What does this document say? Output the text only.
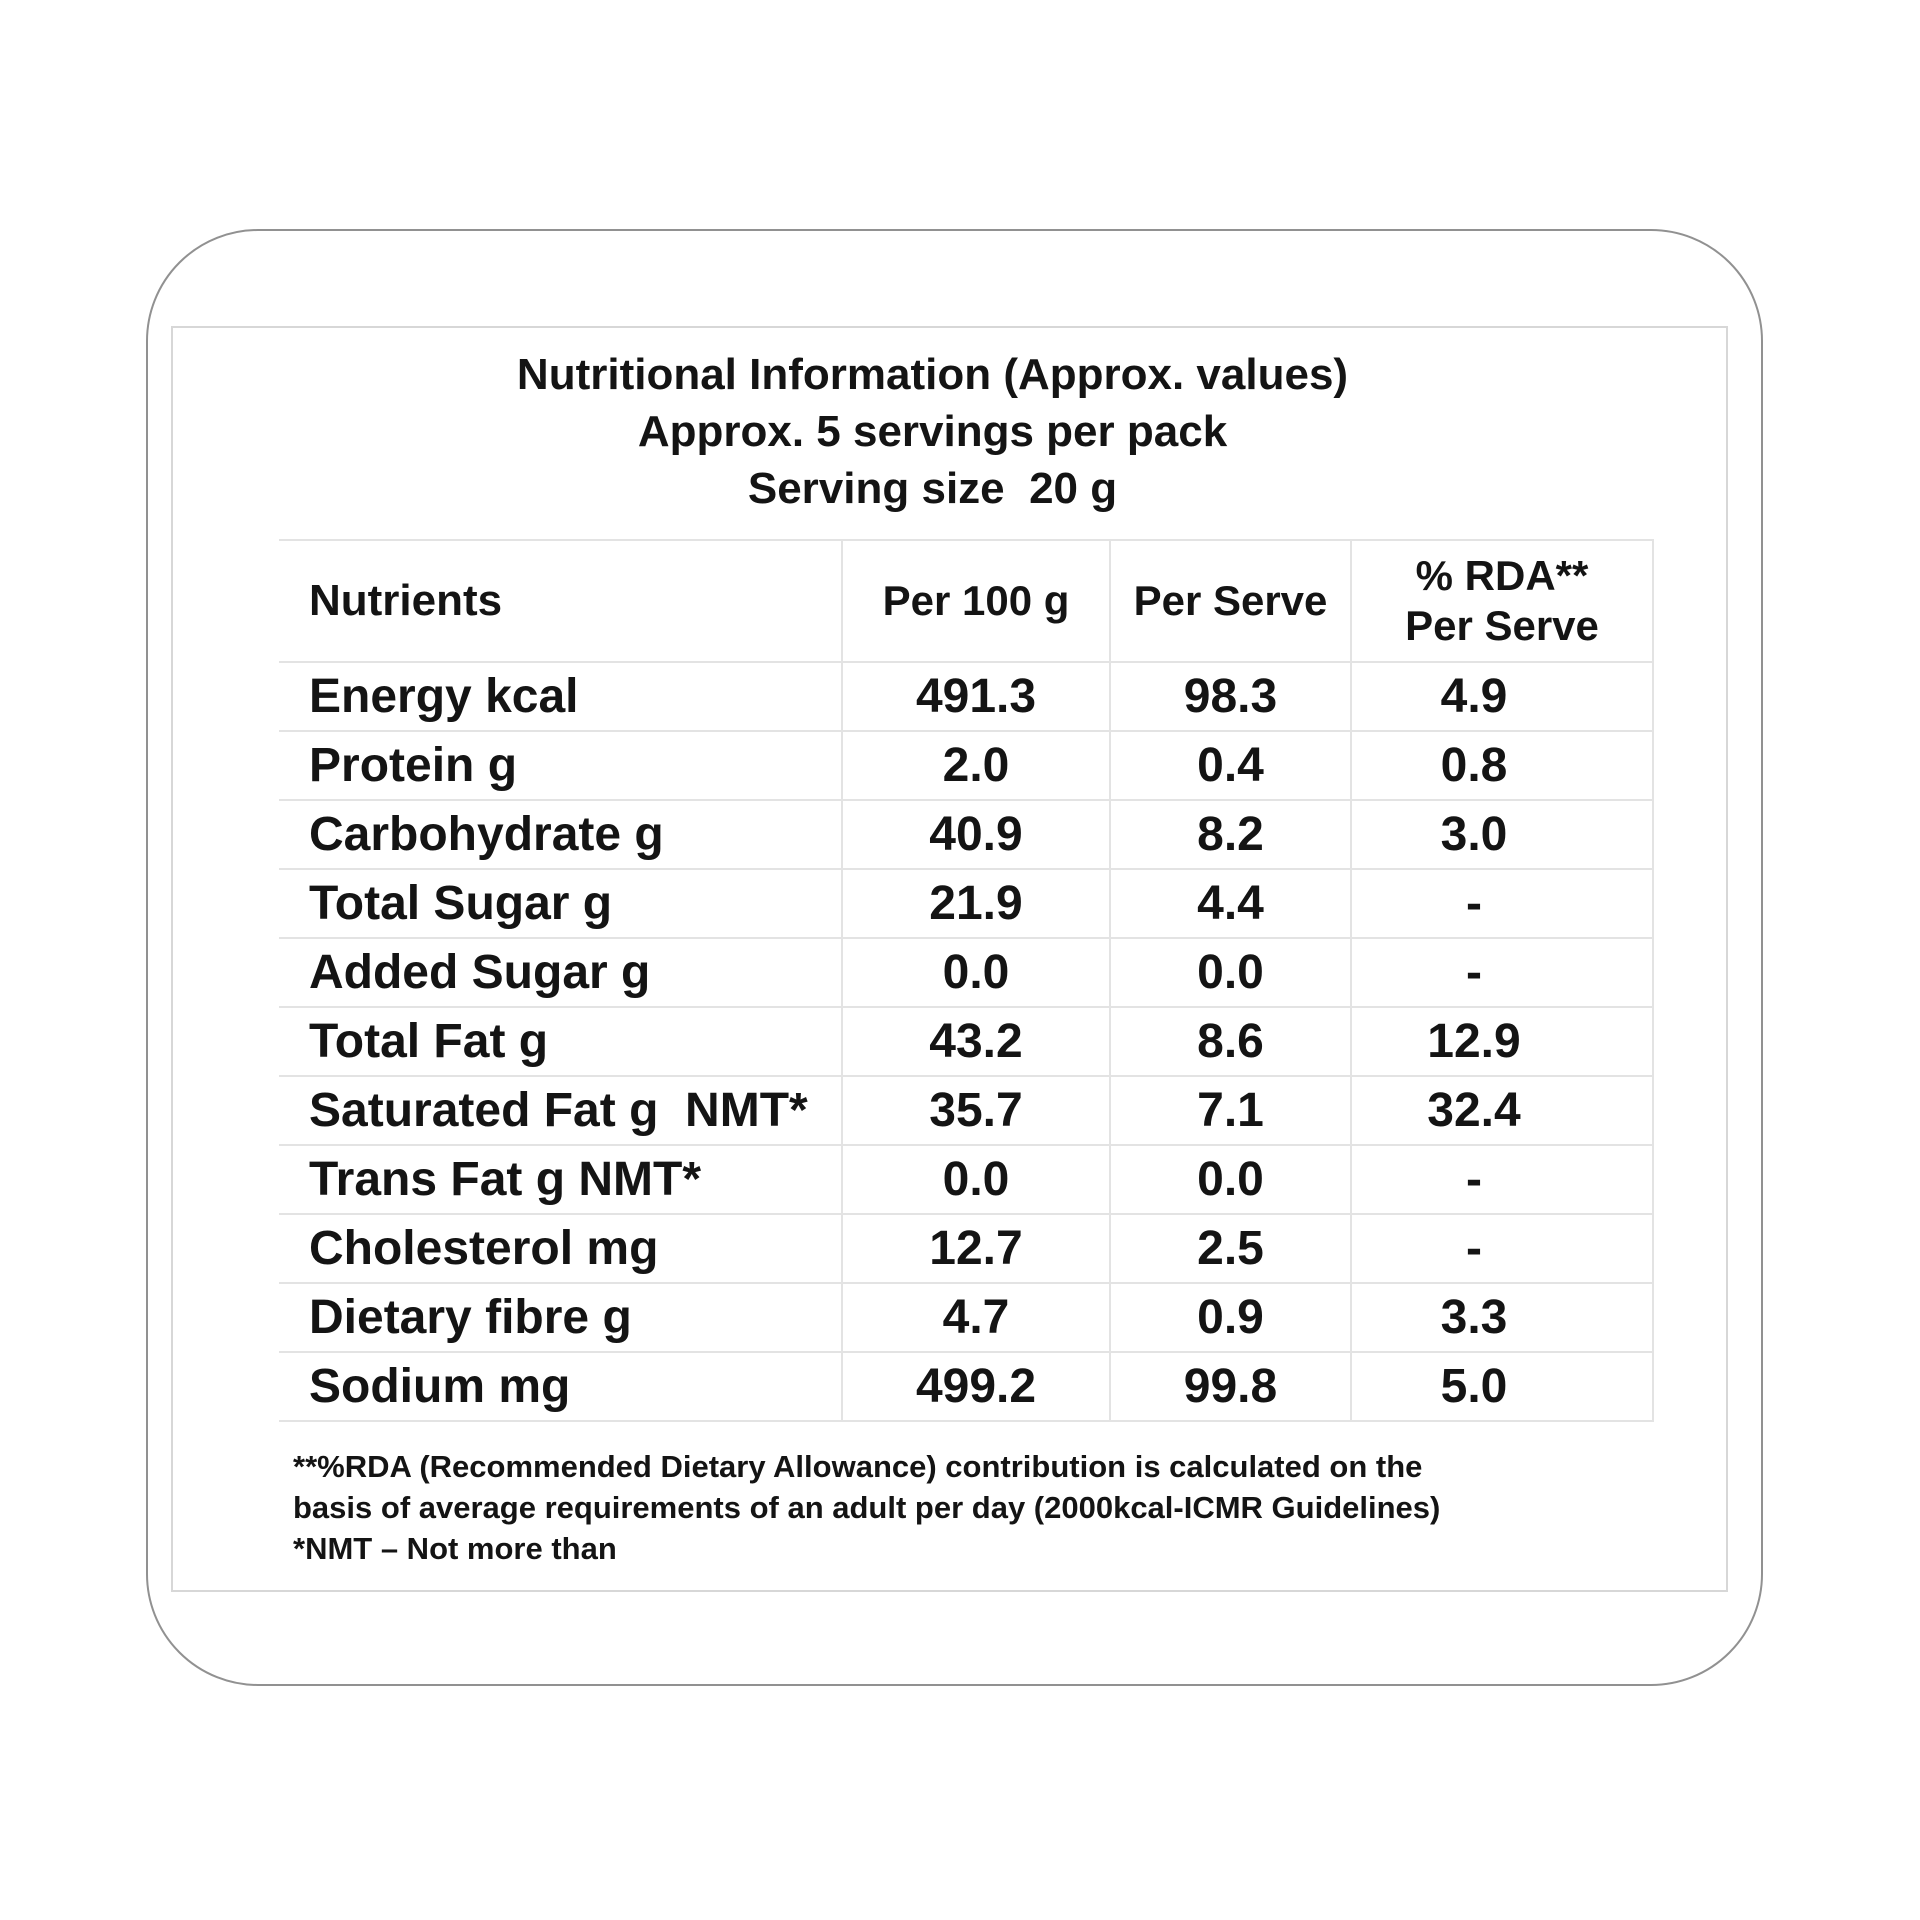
Nutritional Information (Approx. values)
Approx. 5 servings per pack
Serving size  20 g
Nutrients	Per 100 g	Per Serve	% RDA**
Per Serve

Energy kcal	491.3	98.3	4.9
Protein g	2.0	0.4	0.8
Carbohydrate g	40.9	8.2	3.0
Total Sugar g	21.9	4.4	-
Added Sugar g	0.0	0.0	-
Total Fat g	43.2	8.6	12.9
Saturated Fat g  NMT*	35.7	7.1	32.4
Trans Fat g NMT*	0.0	0.0	-
Cholesterol mg	12.7	2.5	-
Dietary fibre g	4.7	0.9	3.3
Sodium mg	499.2	99.8	5.0
**%RDA (Recommended Dietary Allowance) contribution is calculated on the
basis of average requirements of an adult per day (2000kcal-ICMR Guidelines)
*NMT – Not more than
